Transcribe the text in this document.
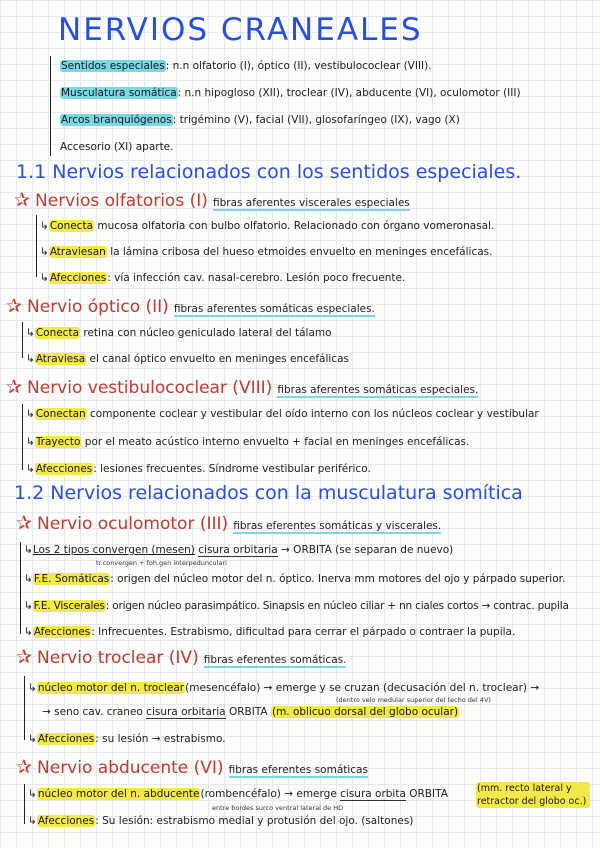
NERVIOS CRANEALES
Sentidos especiales: n.n olfatorio (I), óptico (II), vestibulococlear (VIII).
Musculatura somática: n.n hipogloso (XII), troclear (IV), abducente (VI), oculomotor (III)
Arcos branquiógenos: trigémino (V), facial (VII), glosofaríngeo (IX), vago (X)
Accesorio (XI) aparte.
1.1 Nervios relacionados con los sentidos especiales.
✰ Nervios olfatorios (I) fibras aferentes viscerales especiales
↳Conecta mucosa olfatoria con bulbo olfatorio. Relacionado con órgano vomeronasal.
↳Atraviesan la lámina cribosa del hueso etmoides envuelto en meninges encefálicas.
↳Afecciones: vía infección cav. nasal-cerebro. Lesión poco frecuente.
✰ Nervio óptico (II) fibras aferentes somáticas especiales.
↳Conecta retina con núcleo geniculado lateral del tálamo
↳Atraviesa el canal óptico envuelto en meninges encefálicas
✰ Nervio vestibulococlear (VIII) fibras aferentes somáticas especiales.
↳Conectan componente coclear y vestibular del oído interno con los núcleos coclear y vestibular
↳Trayecto por el meato acústico interno envuelto + facial en meninges encefálicas.
↳Afecciones: lesiones frecuentes. Síndrome vestibular periférico.
1.2 Nervios relacionados con la musculatura somítica
✰ Nervio oculomotor (III) fibras eferentes somáticas y viscerales.
↳Los 2 tipos convergen (mesen) cisura orbitaria → ORBITA (se separan de nuevo)
tr.convergen + foh.gen interpedunculari
↳F.E. Somáticas: origen del núcleo motor del n. óptico. Inerva mm motores del ojo y párpado superior.
↳F.E. Viscerales: origen núcleo parasimpático. Sinapsis en núcleo ciliar + nn ciales cortos → contrac. pupila
↳Afecciones: Infrecuentes. Estrabismo, dificultad para cerrar el párpado o contraer la pupila.
✰ Nervio troclear (IV) fibras eferentes somáticas.
↳núcleo motor del n. troclear(mesencéfalo) → emerge y se cruzan (decusación del n. troclear) →
(dentro velo medular superior del techo del 4V)
→ seno cav. craneo cisura orbitaria ORBITA (m. oblicuo dorsal del globo ocular)
↳Afecciones: su lesión → estrabismo.
✰ Nervio abducente (VI) fibras eferentes somáticas
↳núcleo motor del n. abducente(rombencéfalo) → emerge cisura orbita ORBITA	(mm. recto lateral y retractor del globo oc.)
entre bordes surco ventral lateral de HD
↳Afecciones: Su lesión: estrabismo medial y protusión del ojo. (saltones)
